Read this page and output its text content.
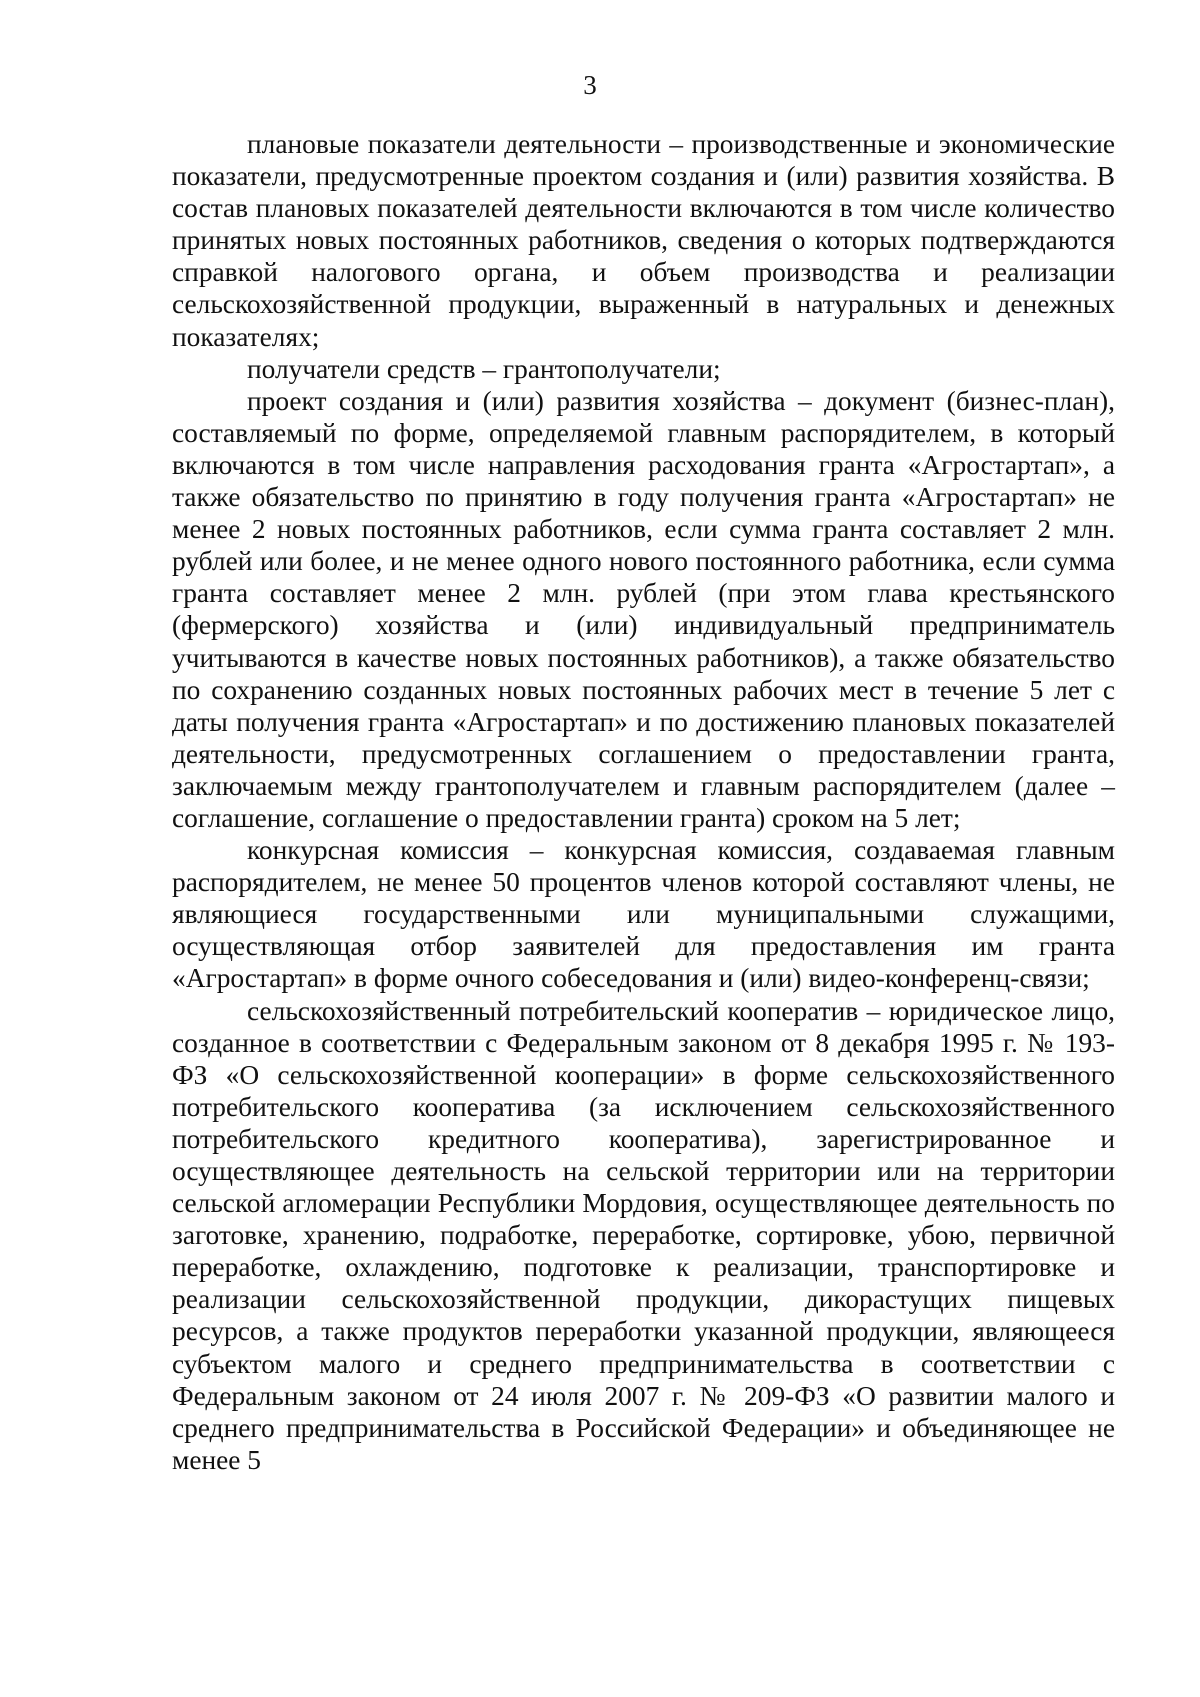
3

плановые показатели деятельности – производственные и экономические показатели, предусмотренные проектом создания и (или) развития хозяйства. В состав плановых показателей деятельности включаются в том числе количество принятых новых постоянных работников, сведения о которых подтверждаются справкой налогового органа, и объем производства и реализации сельскохозяйственной продукции, выраженный в натуральных и денежных показателях;

получатели средств – грантополучатели;

проект создания и (или) развития хозяйства – документ (бизнес-план), составляемый по форме, определяемой главным распорядителем, в который включаются в том числе направления расходования гранта «Агростартап», а также обязательство по принятию в году получения гранта «Агростартап» не менее 2 новых постоянных работников, если сумма гранта составляет 2 млн. рублей или более, и не менее одного нового постоянного работника, если сумма гранта составляет менее 2 млн. рублей (при этом глава крестьянского (фермерского) хозяйства и (или) индивидуальный предприниматель учитываются в качестве новых постоянных работников), а также обязательство по сохранению созданных новых постоянных рабочих мест в течение 5 лет с даты получения гранта «Агростартап» и по достижению плановых показателей деятельности, предусмотренных соглашением о предоставлении гранта, заключаемым между грантополучателем и главным распорядителем (далее – соглашение, соглашение о предоставлении гранта) сроком на 5 лет;

конкурсная комиссия – конкурсная комиссия, создаваемая главным распорядителем, не менее 50 процентов членов которой составляют члены, не являющиеся государственными или муниципальными служащими, осуществляющая отбор заявителей для предоставления им гранта «Агростартап» в форме очного собеседования и (или) видео-конференц-связи;

сельскохозяйственный потребительский кооператив – юридическое лицо, созданное в соответствии с Федеральным законом от 8 декабря 1995 г. № 193-ФЗ «О сельскохозяйственной кооперации» в форме сельскохозяйственного потребительского кооператива (за исключением сельскохозяйственного потребительского кредитного кооператива), зарегистрированное и осуществляющее деятельность на сельской территории или на территории сельской агломерации Республики Мордовия, осуществляющее деятельность по заготовке, хранению, подработке, переработке, сортировке, убою, первичной переработке, охлаждению, подготовке к реализации, транспортировке и реализации сельскохозяйственной продукции, дикорастущих пищевых ресурсов, а также продуктов переработки указанной продукции, являющееся субъектом малого и среднего предпринимательства в соответствии с Федеральным законом от 24 июля 2007 г. № 209-ФЗ «О развитии малого и среднего предпринимательства в Российской Федерации» и объединяющее не менее 5
